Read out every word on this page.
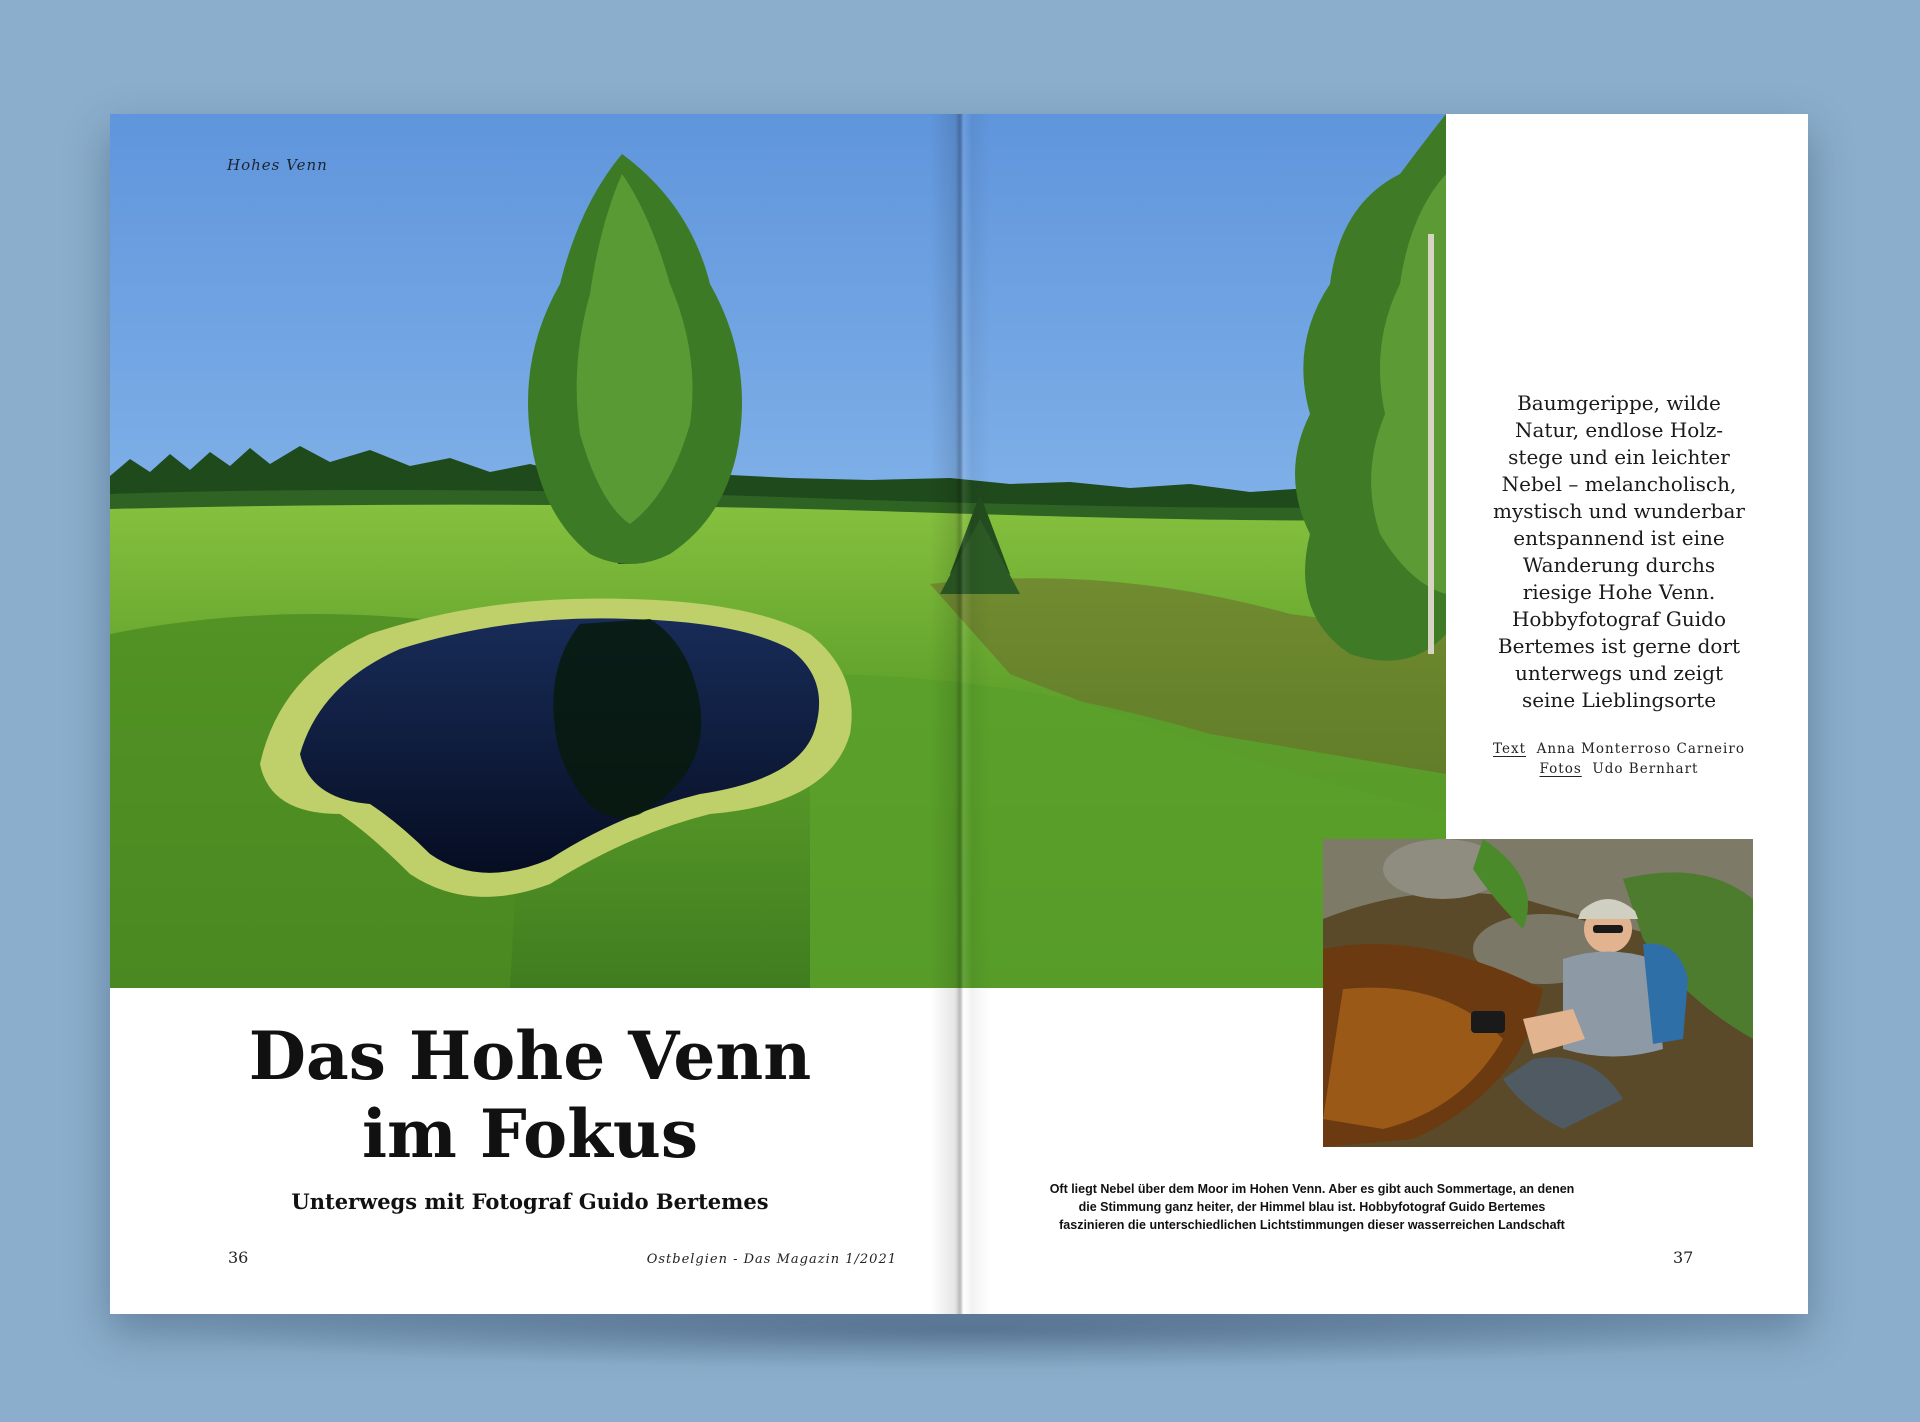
Hohes Venn
Das Hohe Venn
im Fokus
Unterwegs mit Fotograf Guido Bertemes
36	Ostbelgien - Das Magazin 1/2021	37
Baumgerippe, wilde
Natur, endlose Holz-
stege und ein leichter
Nebel – melancholisch,
mystisch und wunderbar
entspannend ist eine
Wanderung durchs
riesige Hohe Venn.
Hobbyfotograf Guido
Bertemes ist gerne dort
unterwegs und zeigt
seine Lieblingsorte
Text Anna Monterroso Carneiro
Fotos Udo Bernhart
Oft liegt Nebel über dem Moor im Hohen Venn. Aber es gibt auch Sommertage, an denen
die Stimmung ganz heiter, der Himmel blau ist. Hobbyfotograf Guido Bertemes
faszinieren die unterschiedlichen Lichtstimmungen dieser wasserreichen Landschaft
